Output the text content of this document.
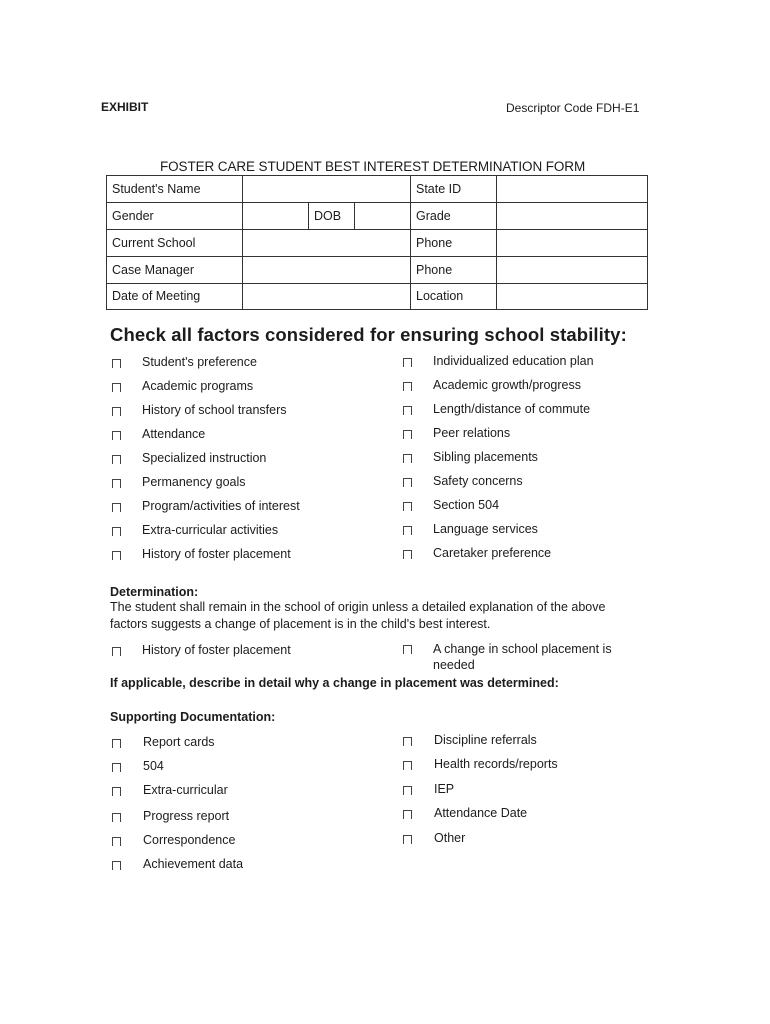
EXHIBIT	Descriptor Code FDH-E1
FOSTER CARE STUDENT BEST INTEREST DETERMINATION FORM
Student's Name				State ID	
Gender		DOB		Grade	
Current School				Phone	
Case Manager				Phone	
Date of Meeting				Location	
Check all factors considered for ensuring school stability:
Student's preference
Academic programs
History of school transfers
Attendance
Specialized instruction
Permanency goals
Program/activities of interest
Extra-curricular activities
History of foster placement
Individualized education plan
Academic growth/progress
Length/distance of commute
Peer relations
Sibling placements
Safety concerns
Section 504
Language services
Caretaker preference
Determination:
The student shall remain in the school of origin unless a detailed explanation of the above factors suggests a change of placement is in the child's best interest.
History of foster placement	A change in school placement is needed
If applicable, describe in detail why a change in placement was determined:
Supporting Documentation:
Report cards
504
Extra-curricular
Progress report
Correspondence
Achievement data
Discipline referrals
Health records/reports
IEP
Attendance Date
Other
